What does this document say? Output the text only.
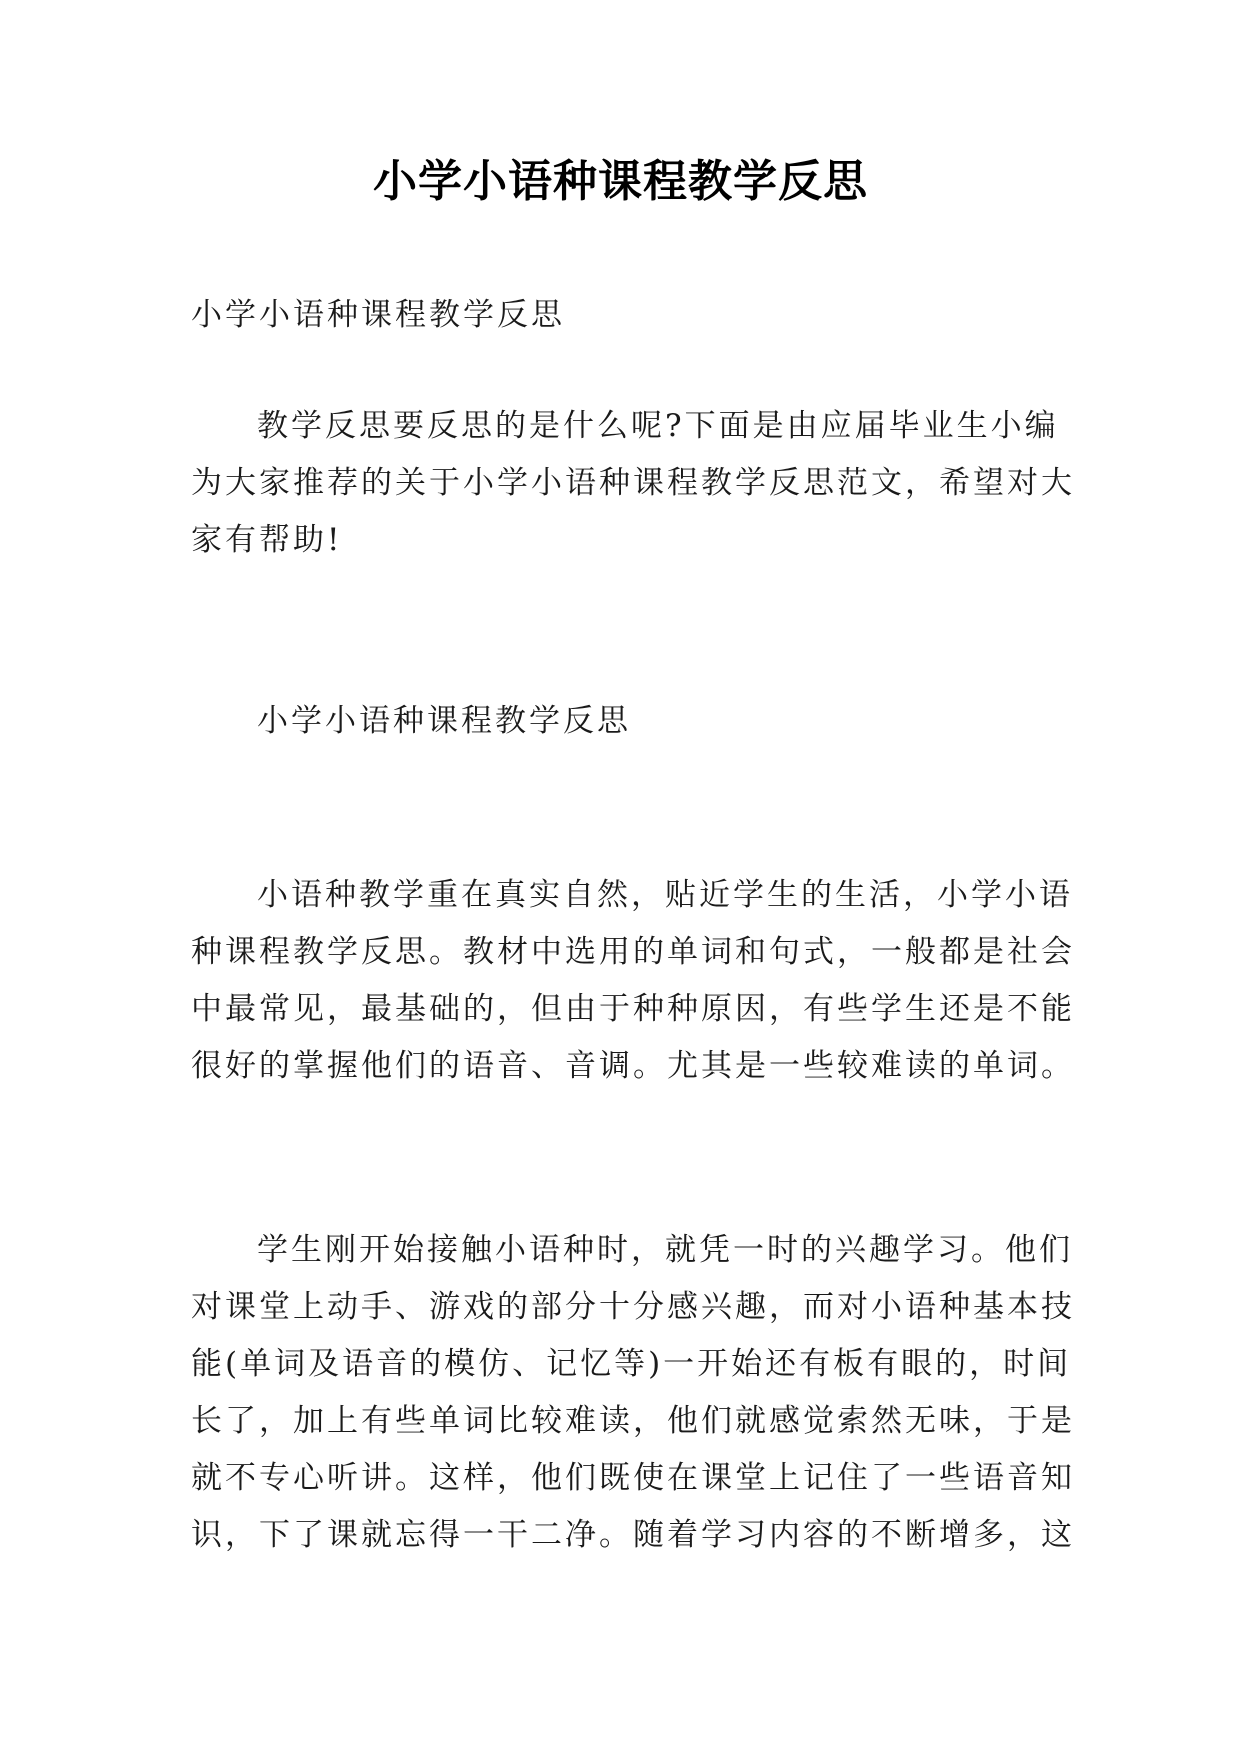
小学小语种课程教学反思

小学小语种课程教学反思

教学反思要反思的是什么呢?下面是由应届毕业生小编
为大家推荐的关于小学小语种课程教学反思范文，希望对大
家有帮助!

小学小语种课程教学反思

小语种教学重在真实自然，贴近学生的生活，小学小语
种课程教学反思。教材中选用的单词和句式，一般都是社会
中最常见，最基础的，但由于种种原因，有些学生还是不能
很好的掌握他们的语音、音调。尤其是一些较难读的单词。

学生刚开始接触小语种时，就凭一时的兴趣学习。他们
对课堂上动手、游戏的部分十分感兴趣，而对小语种基本技
能(单词及语音的模仿、记忆等)一开始还有板有眼的，时间
长了，加上有些单词比较难读，他们就感觉索然无味，于是
就不专心听讲。这样，他们既使在课堂上记住了一些语音知
识，下了课就忘得一干二净。随着学习内容的不断增多，这
